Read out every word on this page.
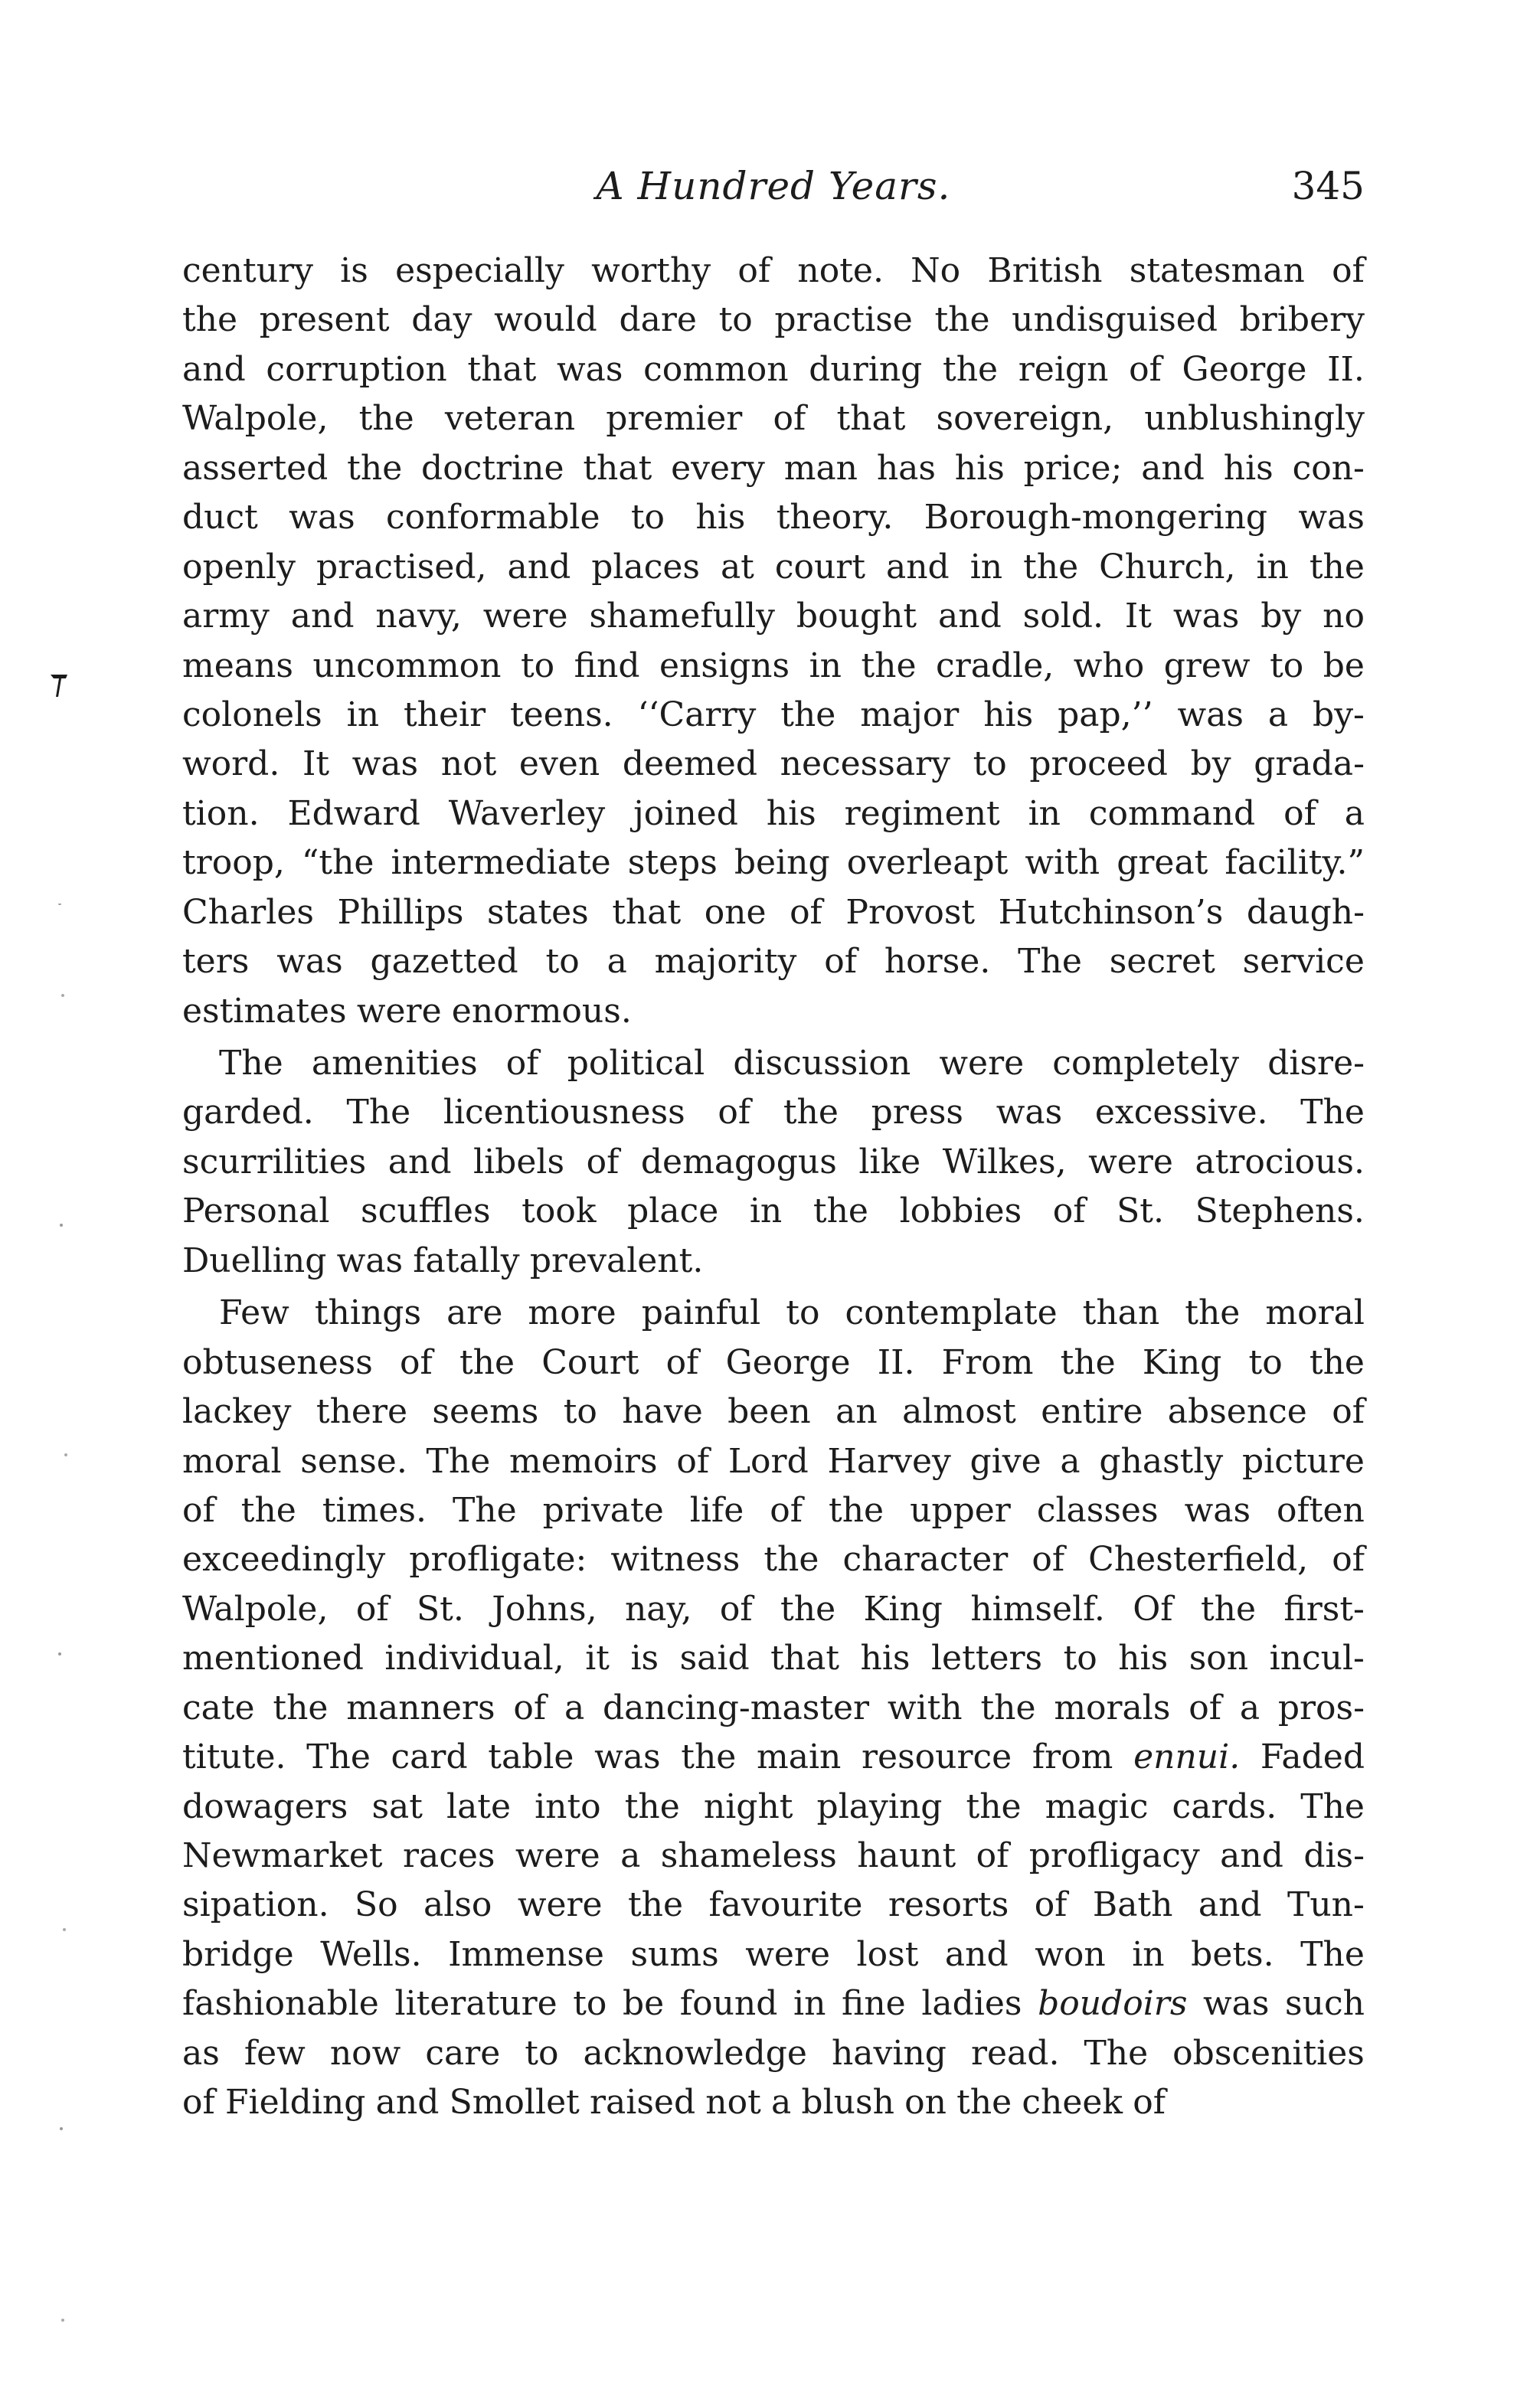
A Hundred Years.	345
century is especially worthy of note. No British statesman of
the present day would dare to practise the undisguised bribery
and corruption that was common during the reign of George II.
Walpole, the veteran premier of that sovereign, unblushingly
asserted the doctrine that every man has his price; and his con-
duct was conformable to his theory. Borough-mongering was
openly practised, and places at court and in the Church, in the
army and navy, were shamefully bought and sold. It was by no
means uncommon to find ensigns in the cradle, who grew to be
colonels in their teens. ‘‘Carry the major his pap,’’ was a by-
word. It was not even deemed necessary to proceed by grada-
tion. Edward Waverley joined his regiment in command of a
troop, “the intermediate steps being overleapt with great facility.”
Charles Phillips states that one of Provost Hutchinson’s daugh-
ters was gazetted to a majority of horse. The secret service
estimates were enormous.
The amenities of political discussion were completely disre-
garded. The licentiousness of the press was excessive. The
scurrilities and libels of demagogus like Wilkes, were atrocious.
Personal scuffles took place in the lobbies of St. Stephens.
Duelling was fatally prevalent.
Few things are more painful to contemplate than the moral
obtuseness of the Court of George II. From the King to the
lackey there seems to have been an almost entire absence of
moral sense. The memoirs of Lord Harvey give a ghastly picture
of the times. The private life of the upper classes was often
exceedingly profligate: witness the character of Chesterfield, of
Walpole, of St. Johns, nay, of the King himself. Of the first-
mentioned individual, it is said that his letters to his son incul-
cate the manners of a dancing-master with the morals of a pros-
titute. The card table was the main resource from ennui. Faded
dowagers sat late into the night playing the magic cards. The
Newmarket races were a shameless haunt of profligacy and dis-
sipation. So also were the favourite resorts of Bath and Tun-
bridge Wells. Immense sums were lost and won in bets. The
fashionable literature to be found in fine ladies boudoirs was such
as few now care to acknowledge having read. The obscenities
of Fielding and Smollet raised not a blush on the cheek of
